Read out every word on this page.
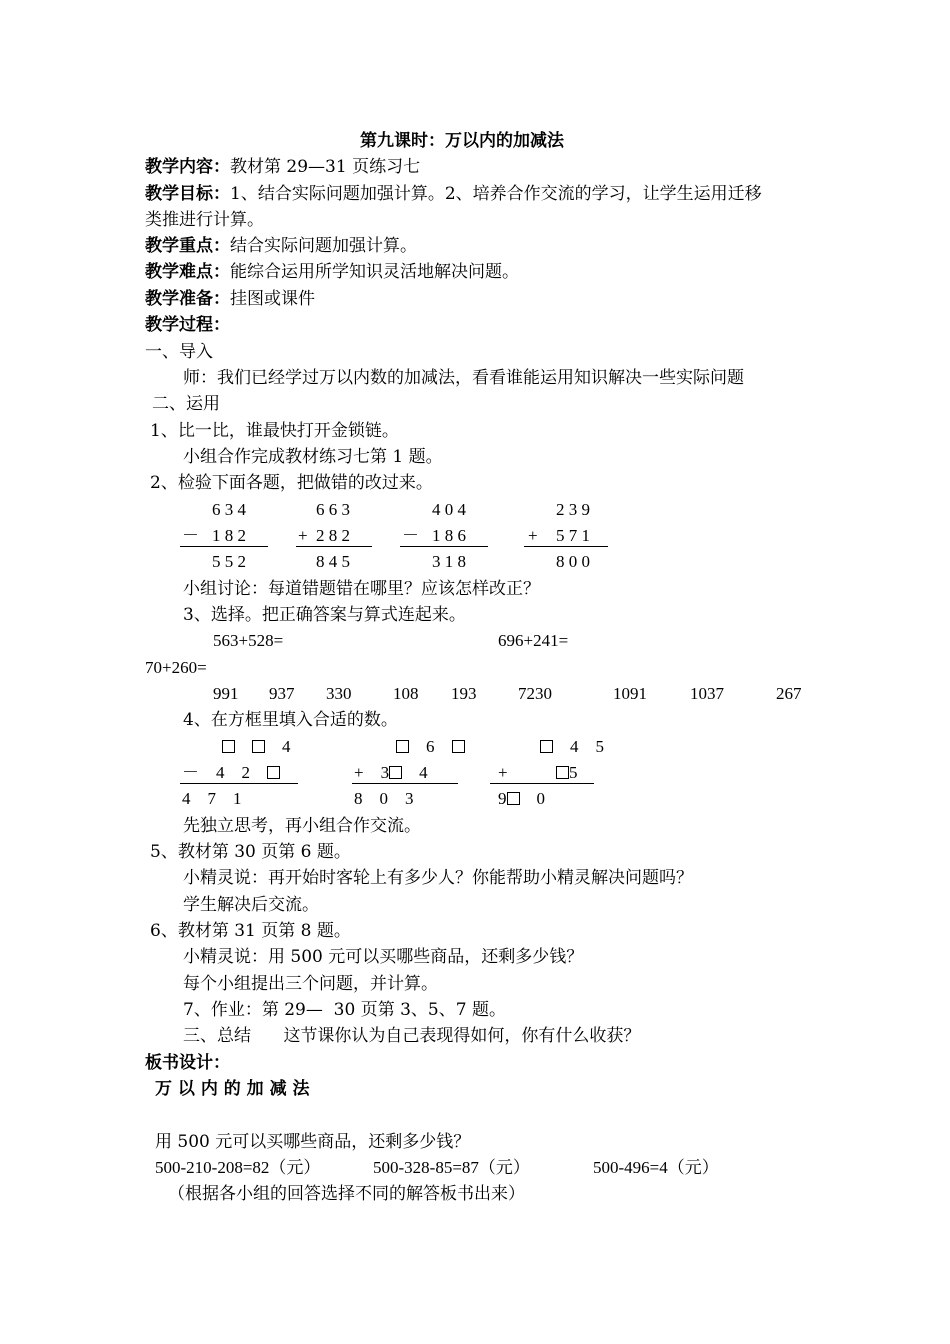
第九课时：万以内的加减法
教学内容：教材第 29—31 页练习七
教学目标：1、结合实际问题加强计算。2、培养合作交流的学习，让学生运用迁移
类推进行计算。
教学重点：结合实际问题加强计算。
教学难点：能综合运用所学知识灵活地解决问题。
教学准备：挂图或课件
教学过程：
一、导入
师：我们已经学过万以内数的加减法，看看谁能运用知识解决一些实际问题
二、运用
1、比一比，谁最快打开金锁链。
小组合作完成教材练习七第 1 题。
2、检验下面各题，把做错的改过来。
6 3 4
－ 1 8 2
5 5 2
6 6 3
+ 2 8 2
8 4 5
4 0 4
－ 1 8 6
3 1 8
2 3 9
+ 5 7 1
8 0 0
小组讨论：每道错题错在哪里？应该怎样改正？
3、选择。把正确答案与算式连起来。
563+528=	696+241=
70+260=
991 937 330 108 193 7230	1091	1037	267
4、在方框里填入合适的数。
　　4
－　 4　2　
4　7　1
　6　
+　 3　 4
8　0　3
　4　 5
+	5
9　 0
先独立思考，再小组合作交流。
5、教材第 30 页第 6 题。
小精灵说：再开始时客轮上有多少人？你能帮助小精灵解决问题吗？
学生解决后交流。
6、教材第 31 页第 8 题。
小精灵说：用 500 元可以买哪些商品，还剩多少钱？
每个小组提出三个问题，并计算。
7、作业：第 29—  30 页第 3、5、7 题。
三、总结 这节课你认为自己表现得如何，你有什么收获？
板书设计：
万 以 内 的 加 减 法
用 500 元可以买哪些商品，还剩多少钱？
500-210-208=82（元）	500-328-85=87（元）	500-496=4（元）
（根据各小组的回答选择不同的解答板书出来）
